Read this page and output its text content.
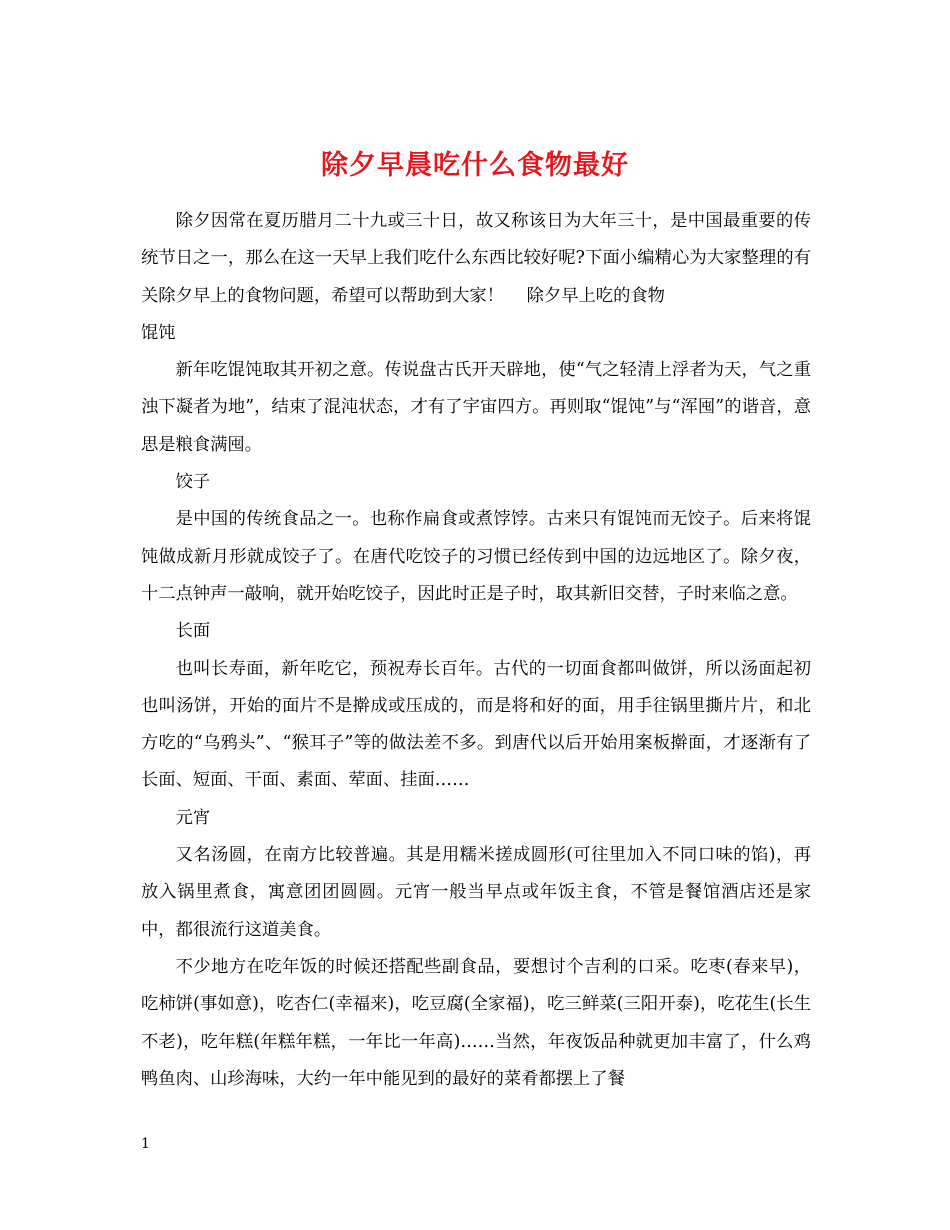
除夕早晨吃什么食物最好

除夕因常在夏历腊月二十九或三十日，故又称该日为大年三十，是中国最重要的传统节日之一，那么在这一天早上我们吃什么东西比较好呢?下面小编精心为大家整理的有关除夕早上的食物问题，希望可以帮助到大家！　 除夕早上吃的食物

馄饨

新年吃馄饨取其开初之意。传说盘古氏开天辟地，使“气之轻清上浮者为天，气之重浊下凝者为地”，结束了混沌状态，才有了宇宙四方。再则取“馄饨”与“浑囤”的谐音，意思是粮食满囤。

饺子

是中国的传统食品之一。也称作扁食或煮饽饽。古来只有馄饨而无饺子。后来将馄饨做成新月形就成饺子了。在唐代吃饺子的习惯已经传到中国的边远地区了。除夕夜，十二点钟声一敲响，就开始吃饺子，因此时正是子时，取其新旧交替，子时来临之意。

长面

也叫长寿面，新年吃它，预祝寿长百年。古代的一切面食都叫做饼，所以汤面起初也叫汤饼，开始的面片不是擀成或压成的，而是将和好的面，用手往锅里撕片片，和北方吃的“乌鸦头”、“猴耳子”等的做法差不多。到唐代以后开始用案板擀面，才逐渐有了长面、短面、干面、素面、荤面、挂面……

元宵

又名汤圆，在南方比较普遍。其是用糯米搓成圆形(可往里加入不同口味的馅)，再放入锅里煮食，寓意团团圆圆。元宵一般当早点或年饭主食，不管是餐馆酒店还是家中，都很流行这道美食。

不少地方在吃年饭的时候还搭配些副食品，要想讨个吉利的口采。吃枣(春来早)，吃柿饼(事如意)，吃杏仁(幸福来)，吃豆腐(全家福)，吃三鲜菜(三阳开泰)，吃花生(长生不老)，吃年糕(年糕年糕，一年比一年高)……当然，年夜饭品种就更加丰富了，什么鸡鸭鱼肉、山珍海味，大约一年中能见到的最好的菜肴都摆上了餐

1
